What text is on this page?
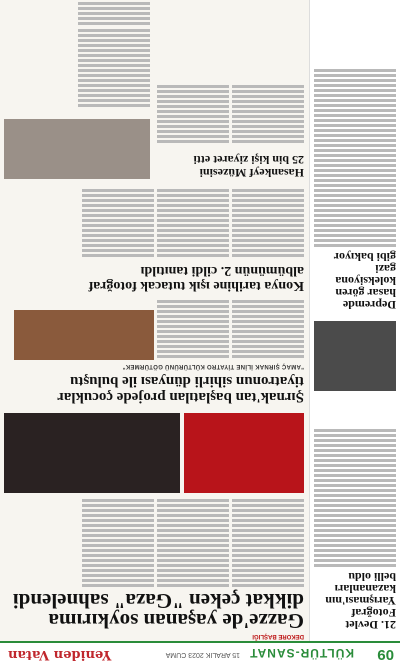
09
KÜLTÜR-SANAT
15 ARALIK 2023 CUMA
Yeniden Vatan
21. Devlet
Fotoğraf
Yarışması'nın
kazananları
belli oldu
Depremde
hasar gören
koleksiyona gazi
gibi bakıyor
DEKORE BAŞLIĞI
Gazze'de yaşanan soykırıma
dikkat çeken "Gaza" sahnelendi
Şırnak'tan başlatılan projede çocuklar
tiyatronun sihirli dünyası ile buluştu
"AMAÇ ŞIRNAK İLİNE TİYATRO KÜLTÜRÜNÜ GÖTÜRMEK"
Konya tarihine ışık tutacak fotoğraf
albümünün 2. cildi tanıtıldı
Hasankeyf Müzesini
25 bin kişi ziyaret etti
